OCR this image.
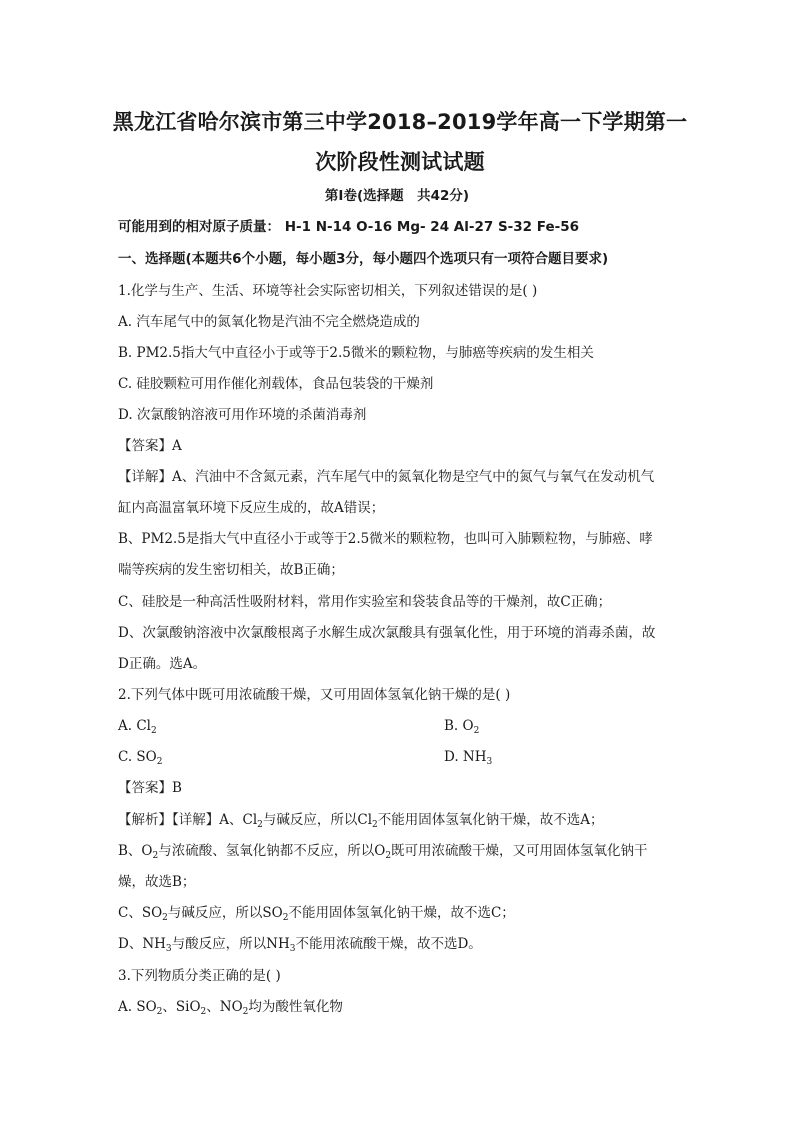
黑龙江省哈尔滨市第三中学2018–2019学年高一下学期第一
次阶段性测试试题
第Ⅰ卷(选择题　共42分)
可能用到的相对原子质量： H-1 N-14 O-16 Mg- 24 Al-27 S-32 Fe-56
一、选择题(本题共6个小题，每小题3分，每小题四个选项只有一项符合题目要求)
1.化学与生产、生活、环境等社会实际密切相关，下列叙述错误的是( )
A. 汽车尾气中的氮氧化物是汽油不完全燃烧造成的
B. PM2.5指大气中直径小于或等于2.5微米的颗粒物，与肺癌等疾病的发生相关
C. 硅胶颗粒可用作催化剂载体，食品包装袋的干燥剂
D. 次氯酸钠溶液可用作环境的杀菌消毒剂
【答案】A
【详解】A、汽油中不含氮元素，汽车尾气中的氮氧化物是空气中的氮气与氧气在发动机气
缸内高温富氧环境下反应生成的，故A错误；
B、PM2.5是指大气中直径小于或等于2.5微米的颗粒物，也叫可入肺颗粒物，与肺癌、哮
喘等疾病的发生密切相关，故B正确；
C、硅胶是一种高活性吸附材料，常用作实验室和袋装食品等的干燥剂，故C正确；
D、次氯酸钠溶液中次氯酸根离子水解生成次氯酸具有强氧化性，用于环境的消毒杀菌，故
D正确。选A。
2.下列气体中既可用浓硫酸干燥，又可用固体氢氧化钠干燥的是( )
A. $Cl_2$	B. $O_2$
C. $SO_2$	D. $NH_3$
【答案】B
【解析】【详解】A、$Cl_2$与碱反应，所以$Cl_2$不能用固体氢氧化钠干燥，故不选A；
B、$O_2$与浓硫酸、氢氧化钠都不反应，所以$O_2$既可用浓硫酸干燥，又可用固体氢氧化钠干
燥，故选B；
C、$SO_2$与碱反应，所以$SO_2$不能用固体氢氧化钠干燥，故不选C；
D、$NH_3$与酸反应，所以$NH_3$不能用浓硫酸干燥，故不选D。
3.下列物质分类正确的是( )
A. $SO_2$、SiO$_2$、$NO_2$均为酸性氧化物
